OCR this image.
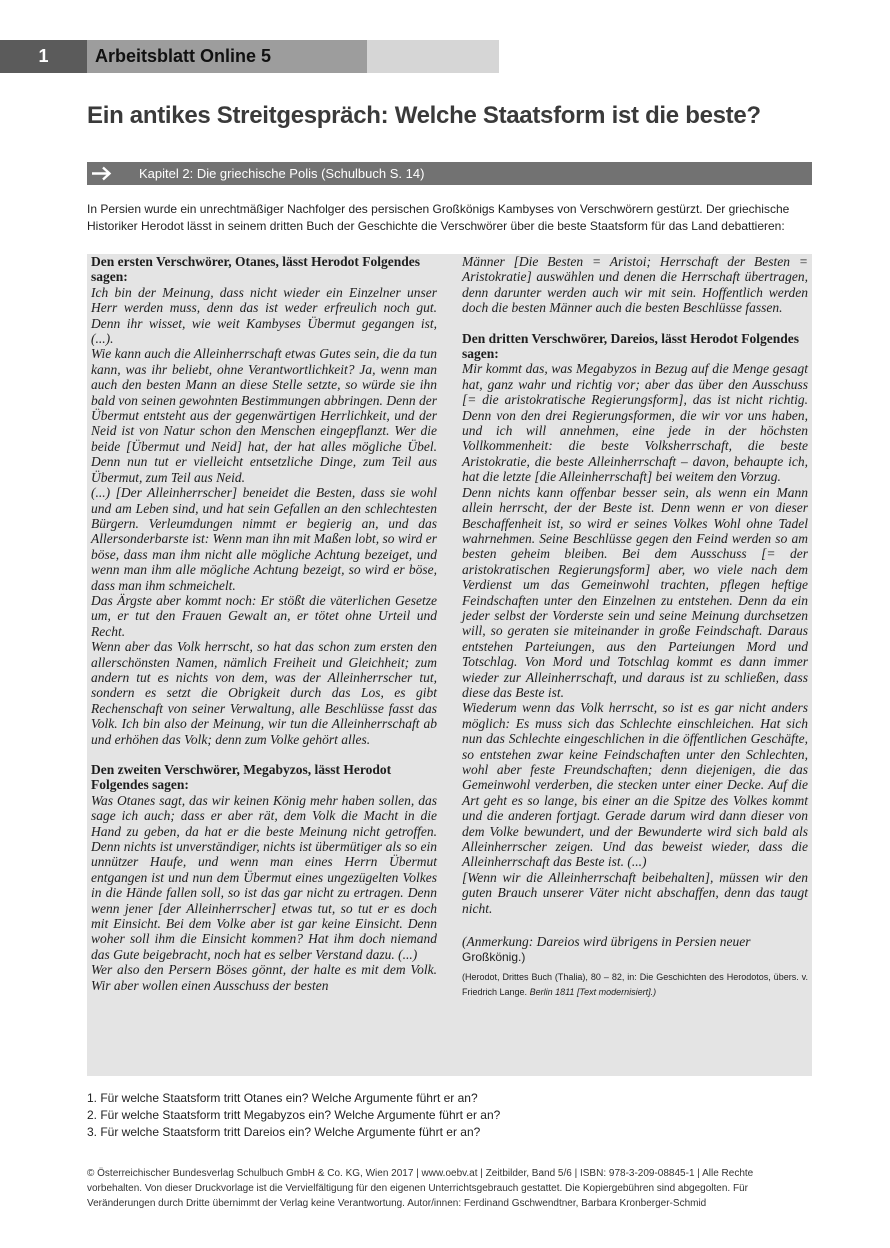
1	Arbeitsblatt Online 5
Ein antikes Streitgespräch: Welche Staatsform ist die beste?
Kapitel 2: Die griechische Polis (Schulbuch S. 14)
In Persien wurde ein unrechtmäßiger Nachfolger des persischen Großkönigs Kambyses von Verschwörern gestürzt. Der griechische Historiker Herodot lässt in seinem dritten Buch der Geschichte die Verschwörer über die beste Staatsform für das Land debattieren:

Den ersten Verschwörer, Otanes, lässt Herodot Folgendes sagen:

Ich bin der Meinung, dass nicht wieder ein Einzelner unser Herr werden muss, denn das ist weder erfreulich noch gut. Denn ihr wisset, wie weit Kambyses Übermut gegangen ist, (...).

Wie kann auch die Alleinherrschaft etwas Gutes sein, die da tun kann, was ihr beliebt, ohne Verantwortlichkeit? Ja, wenn man auch den besten Mann an diese Stelle setzte, so würde sie ihn bald von seinen gewohnten Bestimmungen abbringen. Denn der Übermut entsteht aus der gegenwärtigen Herrlichkeit, und der Neid ist von Natur schon den Menschen eingepflanzt. Wer die beide [Übermut und Neid] hat, der hat alles mögliche Übel. Denn nun tut er vielleicht entsetzliche Dinge, zum Teil aus Übermut, zum Teil aus Neid.

(...) [Der Alleinherrscher] beneidet die Besten, dass sie wohl und am Leben sind, und hat sein Gefallen an den schlechtesten Bürgern. Verleumdungen nimmt er begierig an, und das Allersonderbarste ist: Wenn man ihn mit Maßen lobt, so wird er böse, dass man ihm nicht alle mögliche Achtung bezeiget, und wenn man ihm alle mögliche Achtung bezeigt, so wird er böse, dass man ihm schmeichelt.

Das Ärgste aber kommt noch: Er stößt die väterlichen Gesetze um, er tut den Frauen Gewalt an, er tötet ohne Urteil und Recht.

Wenn aber das Volk herrscht, so hat das schon zum ersten den allerschönsten Namen, nämlich Freiheit und Gleichheit; zum andern tut es nichts von dem, was der Alleinherrscher tut, sondern es setzt die Obrigkeit durch das Los, es gibt Rechenschaft von seiner Verwaltung, alle Beschlüsse fasst das Volk. Ich bin also der Meinung, wir tun die Alleinherrschaft ab und erhöhen das Volk; denn zum Volke gehört alles.

Den zweiten Verschwörer, Megabyzos, lässt Herodot Folgendes sagen:

Was Otanes sagt, das wir keinen König mehr haben sollen, das sage ich auch; dass er aber rät, dem Volk die Macht in die Hand zu geben, da hat er die beste Meinung nicht getroffen. Denn nichts ist unverständiger, nichts ist übermütiger als so ein unnützer Haufe, und wenn man eines Herrn Übermut entgangen ist und nun dem Übermut eines ungezügelten Volkes in die Hände fallen soll, so ist das gar nicht zu ertragen. Denn wenn jener [der Alleinherrscher] etwas tut, so tut er es doch mit Einsicht. Bei dem Volke aber ist gar keine Einsicht. Denn woher soll ihm die Einsicht kommen? Hat ihm doch niemand das Gute beigebracht, noch hat es selber Verstand dazu. (...)

Wer also den Persern Böses gönnt, der halte es mit dem Volk. Wir aber wollen einen Ausschuss der besten

Männer [Die Besten = Aristoi; Herrschaft der Besten = Aristokratie] auswählen und denen die Herrschaft übertragen, denn darunter werden auch wir mit sein. Hoffentlich werden doch die besten Männer auch die besten Beschlüsse fassen.

Den dritten Verschwörer, Dareios, lässt Herodot Folgendes sagen:

Mir kommt das, was Megabyzos in Bezug auf die Menge gesagt hat, ganz wahr und richtig vor; aber das über den Ausschuss [= die aristokratische Regierungsform], das ist nicht richtig. Denn von den drei Regierungsformen, die wir vor uns haben, und ich will annehmen, eine jede in der höchsten Vollkommenheit: die beste Volksherrschaft, die beste Aristokratie, die beste Alleinherrschaft – davon, behaupte ich, hat die letzte [die Alleinherrschaft] bei weitem den Vorzug.

Denn nichts kann offenbar besser sein, als wenn ein Mann allein herrscht, der der Beste ist. Denn wenn er von dieser Beschaffenheit ist, so wird er seines Volkes Wohl ohne Tadel wahrnehmen. Seine Beschlüsse gegen den Feind werden so am besten geheim bleiben. Bei dem Ausschuss [= der aristokratischen Regierungsform] aber, wo viele nach dem Verdienst um das Gemeinwohl trachten, pflegen heftige Feindschaften unter den Einzelnen zu entstehen. Denn da ein jeder selbst der Vorderste sein und seine Meinung durchsetzen will, so geraten sie miteinander in große Feindschaft. Daraus entstehen Parteiungen, aus den Parteiungen Mord und Totschlag. Von Mord und Totschlag kommt es dann immer wieder zur Alleinherrschaft, und daraus ist zu schließen, dass diese das Beste ist.

Wiederum wenn das Volk herrscht, so ist es gar nicht anders möglich: Es muss sich das Schlechte einschleichen. Hat sich nun das Schlechte eingeschlichen in die öffentlichen Geschäfte, so entstehen zwar keine Feindschaften unter den Schlechten, wohl aber feste Freundschaften; denn diejenigen, die das Gemeinwohl verderben, die stecken unter einer Decke. Auf die Art geht es so lange, bis einer an die Spitze des Volkes kommt und die anderen fortjagt. Gerade darum wird dann dieser von dem Volke bewundert, und der Bewunderte wird sich bald als Alleinherrscher zeigen. Und das beweist wieder, dass die Alleinherrschaft das Beste ist. (...)

[Wenn wir die Alleinherrschaft beibehalten], müssen wir den guten Brauch unserer Väter nicht abschaffen, denn das taugt nicht.

(Anmerkung: Dareios wird übrigens in Persien neuer
Großkönig.)

(Herodot, Drittes Buch (Thalia), 80 – 82, in: Die Geschichten des Herodotos, übers. v. Friedrich Lange. Berlin 1811 [Text modernisiert].)

1. Für welche Staatsform tritt Otanes ein? Welche Argumente führt er an?
2. Für welche Staatsform tritt Megabyzos ein? Welche Argumente führt er an?
3. Für welche Staatsform tritt Dareios ein? Welche Argumente führt er an?
© Österreichischer Bundesverlag Schulbuch GmbH & Co. KG, Wien 2017 | www.oebv.at | Zeitbilder, Band 5/6 | ISBN: 978-3-209-08845-1 | Alle Rechte vorbehalten. Von dieser Druckvorlage ist die Vervielfältigung für den eigenen Unterrichtsgebrauch gestattet. Die Kopiergebühren sind abgegolten. Für Veränderungen durch Dritte übernimmt der Verlag keine Verantwortung. Autor/innen: Ferdinand Gschwendtner, Barbara Kronberger-Schmid
